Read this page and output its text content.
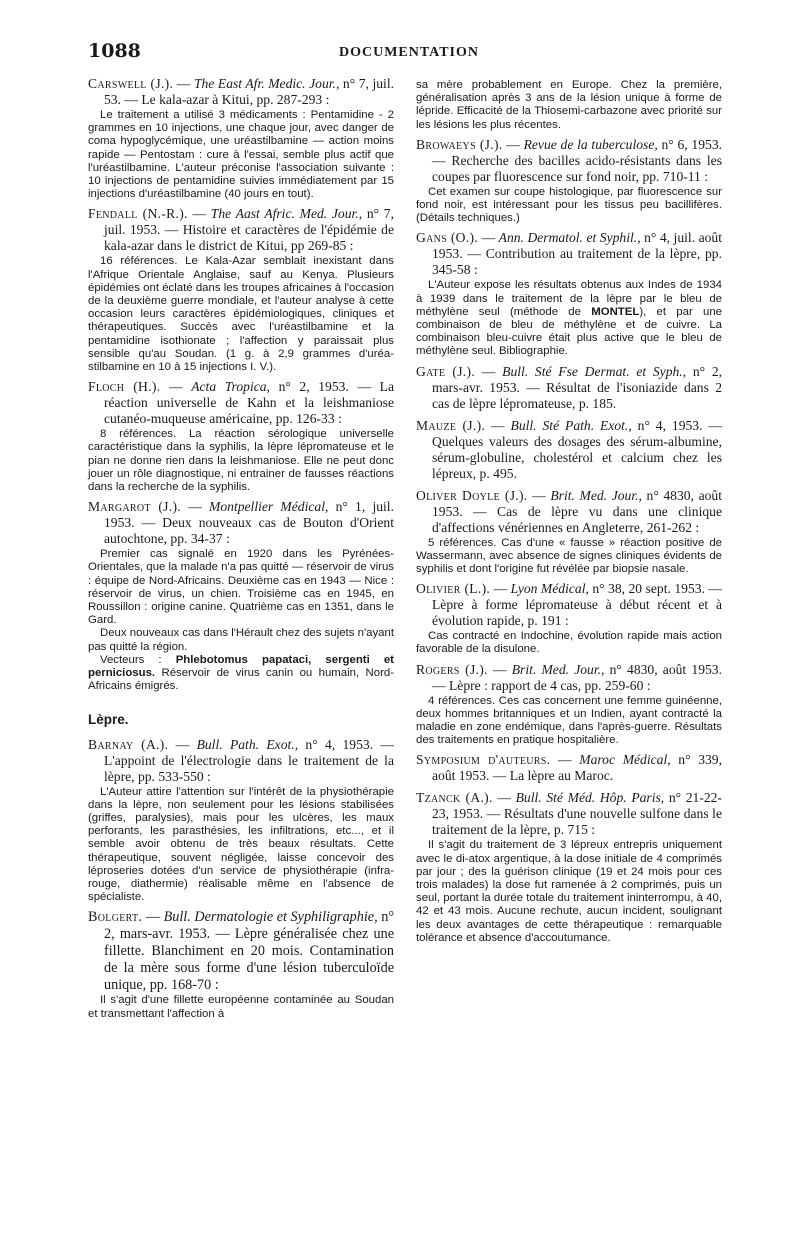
1088	DOCUMENTATION

Carswell (J.). — The East Afr. Medic. Jour., n° 7, juil. 53. — Le kala-azar à Kitui, pp. 287-293 :

Le traitement a utilisé 3 médicaments : Pentamidine - 2 grammes en 10 injections, une chaque jour, avec danger de coma hypoglycémique, une uréastilbamine — action moins rapide — Pentostam : cure à l'essai, semble plus actif que l'uréastilbamine. L'auteur préconise l'association suivante : 10 injections de pentamidine suivies immédiatement par 15 injections d'uréastilbamine (40 jours en tout).

Fendall (N.-R.). — The Aast Afric. Med. Jour., n° 7, juil. 1953. — Histoire et caractères de l'épidémie de kala-azar dans le district de Kitui, pp 269-85 :

16 références. Le Kala-Azar semblait inexistant dans l'Afrique Orientale Anglaise, sauf au Kenya. Plusieurs épidémies ont éclaté dans les troupes africaines à l'occasion de la deuxième guerre mondiale, et l'auteur analyse à cette occasion leurs caractères épidémiologiques, cliniques et thérapeutiques. Succès avec l'uréastilbamine et la pentamidine isothionate ; l'affection y paraissait plus sensible qu'au Soudan. (1 g. à 2,9 grammes d'uréa-stilbamine en 10 à 15 injections I. V.).

Floch (H.). — Acta Tropica, n° 2, 1953. — La réaction universelle de Kahn et la leishmaniose cutanéo-muqueuse américaine, pp. 126-33 :

8 références. La réaction sérologique universelle caractéristique dans la syphilis, la lèpre lépromateuse et le pian ne donne rien dans la leishmaniose. Elle ne peut donc jouer un rôle diagnostique, ni entrainer de fausses réactions dans la recherche de la syphilis.

Margarot (J.). — Montpellier Médical, n° 1, juil. 1953. — Deux nouveaux cas de Bouton d'Orient autochtone, pp. 34-37 :

Premier cas signalé en 1920 dans les Pyrénées-Orientales, que la malade n'a pas quitté — réservoir de virus : équipe de Nord-Africains. Deuxième cas en 1943 — Nice : réservoir de virus, un chien. Troisième cas en 1945, en Roussillon : origine canine. Quatrième cas en 1351, dans le Gard.

Deux nouveaux cas dans l'Hérault chez des sujets n'ayant pas quitté la région.

Vecteurs : Phlebotomus papataci, sergenti et perniciosus. Réservoir de virus canin ou humain, Nord-Africains émigrés.

Lèpre.

Barnay (A.). — Bull. Path. Exot., n° 4, 1953. — L'appoint de l'électrologie dans le traitement de la lèpre, pp. 533-550 :

L'Auteur attire l'attention sur l'intérêt de la physiothérapie dans la lèpre, non seulement pour les lésions stabilisées (griffes, paralysies), mais pour les ulcères, les maux perforants, les parasthésies, les infiltrations, etc..., et il semble avoir obtenu de très beaux résultats. Cette thérapeutique, souvent négligée, laisse concevoir des léproseries dotées d'un service de physiothérapie (infra-rouge, diathermie) réalisable même en l'absence de spécialiste.

Bolgert. — Bull. Dermatologie et Syphiligraphie, n° 2, mars-avr. 1953. — Lèpre généralisée chez une fillette. Blanchiment en 20 mois. Contamination de la mère sous forme d'une lésion tuberculoïde unique, pp. 168-70 :

Il s'agit d'une fillette européenne contaminée au Soudan et transmettant l'affection à

sa mère probablement en Europe. Chez la première, généralisation après 3 ans de la lésion unique à forme de lépride. Efficacité de la Thiosemi-carbazone avec priorité sur les lésions les plus récentes.

Browaeys (J.). — Revue de la tuberculose, n° 6, 1953. — Recherche des bacilles acido-résistants dans les coupes par fluorescence sur fond noir, pp. 710-11 :

Cet examen sur coupe histologique, par fluorescence sur fond noir, est intéressant pour les tissus peu bacillifères. (Détails techniques.)

Gans (O.). — Ann. Dermatol. et Syphil., n° 4, juil. août 1953. — Contribution au traitement de la lèpre, pp. 345-58 :

L'Auteur expose les résultats obtenus aux Indes de 1934 à 1939 dans le traitement de la lèpre par le bleu de méthylène seul (méthode de MONTEL), et par une combinaison de bleu de méthylène et de cuivre. La combinaison bleu-cuivre était plus active que le bleu de méthylène seul. Bibliographie.

Gate (J.). — Bull. Sté Fse Dermat. et Syph., n° 2, mars-avr. 1953. — Résultat de l'isoniazide dans 2 cas de lèpre lépromateuse, p. 185.

Mauze (J.). — Bull. Sté Path. Exot., n° 4, 1953. — Quelques valeurs des dosages des sérum-albumine, sérum-globuline, cholestérol et calcium chez les lépreux, p. 495.

Oliver Doyle (J.). — Brit. Med. Jour., n° 4830, août 1953. — Cas de lèpre vu dans une clinique d'affections vénériennes en Angleterre, 261-262 :

5 références. Cas d'une « fausse » réaction positive de Wassermann, avec absence de signes cliniques évidents de syphilis et dont l'origine fut révélée par biopsie nasale.

Olivier (L.). — Lyon Médical, n° 38, 20 sept. 1953. — Lèpre à forme lépromateuse à début récent et à évolution rapide, p. 191 :

Cas contracté en Indochine, évolution rapide mais action favorable de la disulone.

Rogers (J.). — Brit. Med. Jour., n° 4830, août 1953. — Lèpre : rapport de 4 cas, pp. 259-60 :

4 références. Ces cas concernent une femme guinéenne, deux hommes britanniques et un Indien, ayant contracté la maladie en zone endémique, dans l'après-guerre. Résultats des traitements en pratique hospitalière.

Symposium d'auteurs. — Maroc Médical, n° 339, août 1953. — La lèpre au Maroc.

Tzanck (A.). — Bull. Sté Méd. Hôp. Paris, n° 21-22-23, 1953. — Résultats d'une nouvelle sulfone dans le traitement de la lèpre, p. 715 :

Il s'agit du traitement de 3 lépreux entrepris uniquement avec le di-atox argentique, à la dose initiale de 4 comprimés par jour ; des la guérison clinique (19 et 24 mois pour ces trois malades) la dose fut ramenée à 2 comprimés, puis un seul, portant la durée totale du traitement ininterrompu, à 40, 42 et 43 mois. Aucune rechute, aucun incident, soulignant les deux avantages de cette thérapeutique : remarquable tolérance et absence d'accoutumance.
